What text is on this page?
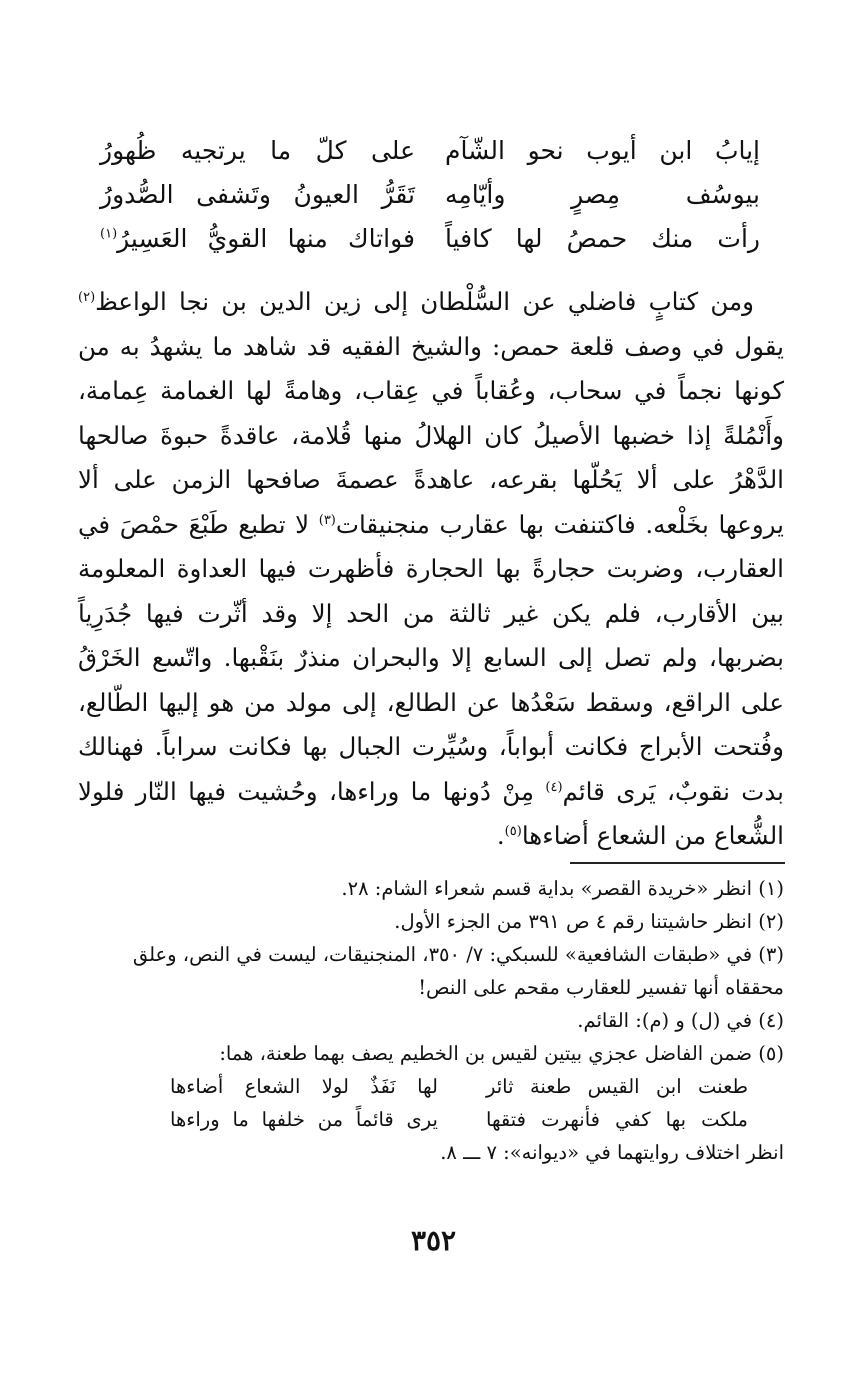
إيابُ ابن أيوب نحو الشّآم
على كلّ ما يرتجيه ظُهورُ
بيوسُف مِصرٍ وأيّامِه
تَقَرُّ العيونُ وتَشفى الصُّدورُ
رأت منك حمصُ لها كافياً
فواتاك منها القويُّ العَسِيرُ$^{(١)}$
ومن كتابٍ فاضلي عن السُّلْطان إلى زين الدين بن نجا الواعظ$^{(٢)}$ يقول في وصف قلعة حمص: والشيخ الفقيه قد شاهد ما يشهدُ به من كونها نجماً في سحاب، وعُقاباً في عِقاب، وهامةً لها الغمامة عِمامة، وأَنْمُلةً إذا خضبها الأصيلُ كان الهلالُ منها قُلامة، عاقدةً حبوةَ صالحها الدَّهْرُ على ألا يَحُلّها بقرعه، عاهدةً عصمةَ صافحها الزمن على ألا يروعها بخَلْعه. فاكتنفت بها عقارب منجنيقات$^{(٣)}$ لا تطبع طَبْعَ حمْصَ في العقارب، وضربت حجارةً بها الحجارة فأظهرت فيها العداوة المعلومة بين الأقارب، فلم يكن غير ثالثة من الحد إلا وقد أثّرت فيها جُدَرِياً بضربها، ولم تصل إلى السابع إلا والبحران منذرٌ بنَقْبها. واتّسع الخَرْقُ على الراقع، وسقط سَعْدُها عن الطالع، إلى مولد من هو إليها الطّالع، وفُتحت الأبراج فكانت أبواباً، وسُيِّرت الجبال بها فكانت سراباً. فهنالك بدت نقوبٌ، يَرى قائم$^{(٤)}$ مِنْ دُونها ما وراءها، وحُشيت فيها النّار فلولا الشُّعاع من الشعاع أضاءها$^{(٥)}$.
(١) انظر «خريدة القصر» بداية قسم شعراء الشام: ٢٨.
(٢) انظر حاشيتنا رقم ٤ ص ٣٩١ من الجزء الأول.
(٣) في «طبقات الشافعية» للسبكي: ٧/ ٣٥٠، المنجنيقات، ليست في النص، وعلق
محققاه أنها تفسير للعقارب مقحم على النص!
(٤) في (ل) و (م): القائم.
(٥) ضمن الفاضل عجزي بيتين لقيس بن الخطيم يصف بهما طعنة، هما:
طعنت ابن القيس طعنة ثائر
لها نَفَذٌ لولا الشعاع أضاءها
ملكت بها كفي فأنهرت فتقها
يرى قائماً من خلفها ما وراءها
انظر اختلاف روايتهما في «ديوانه»: ٧ ـــ ٨.
٣٥٢
